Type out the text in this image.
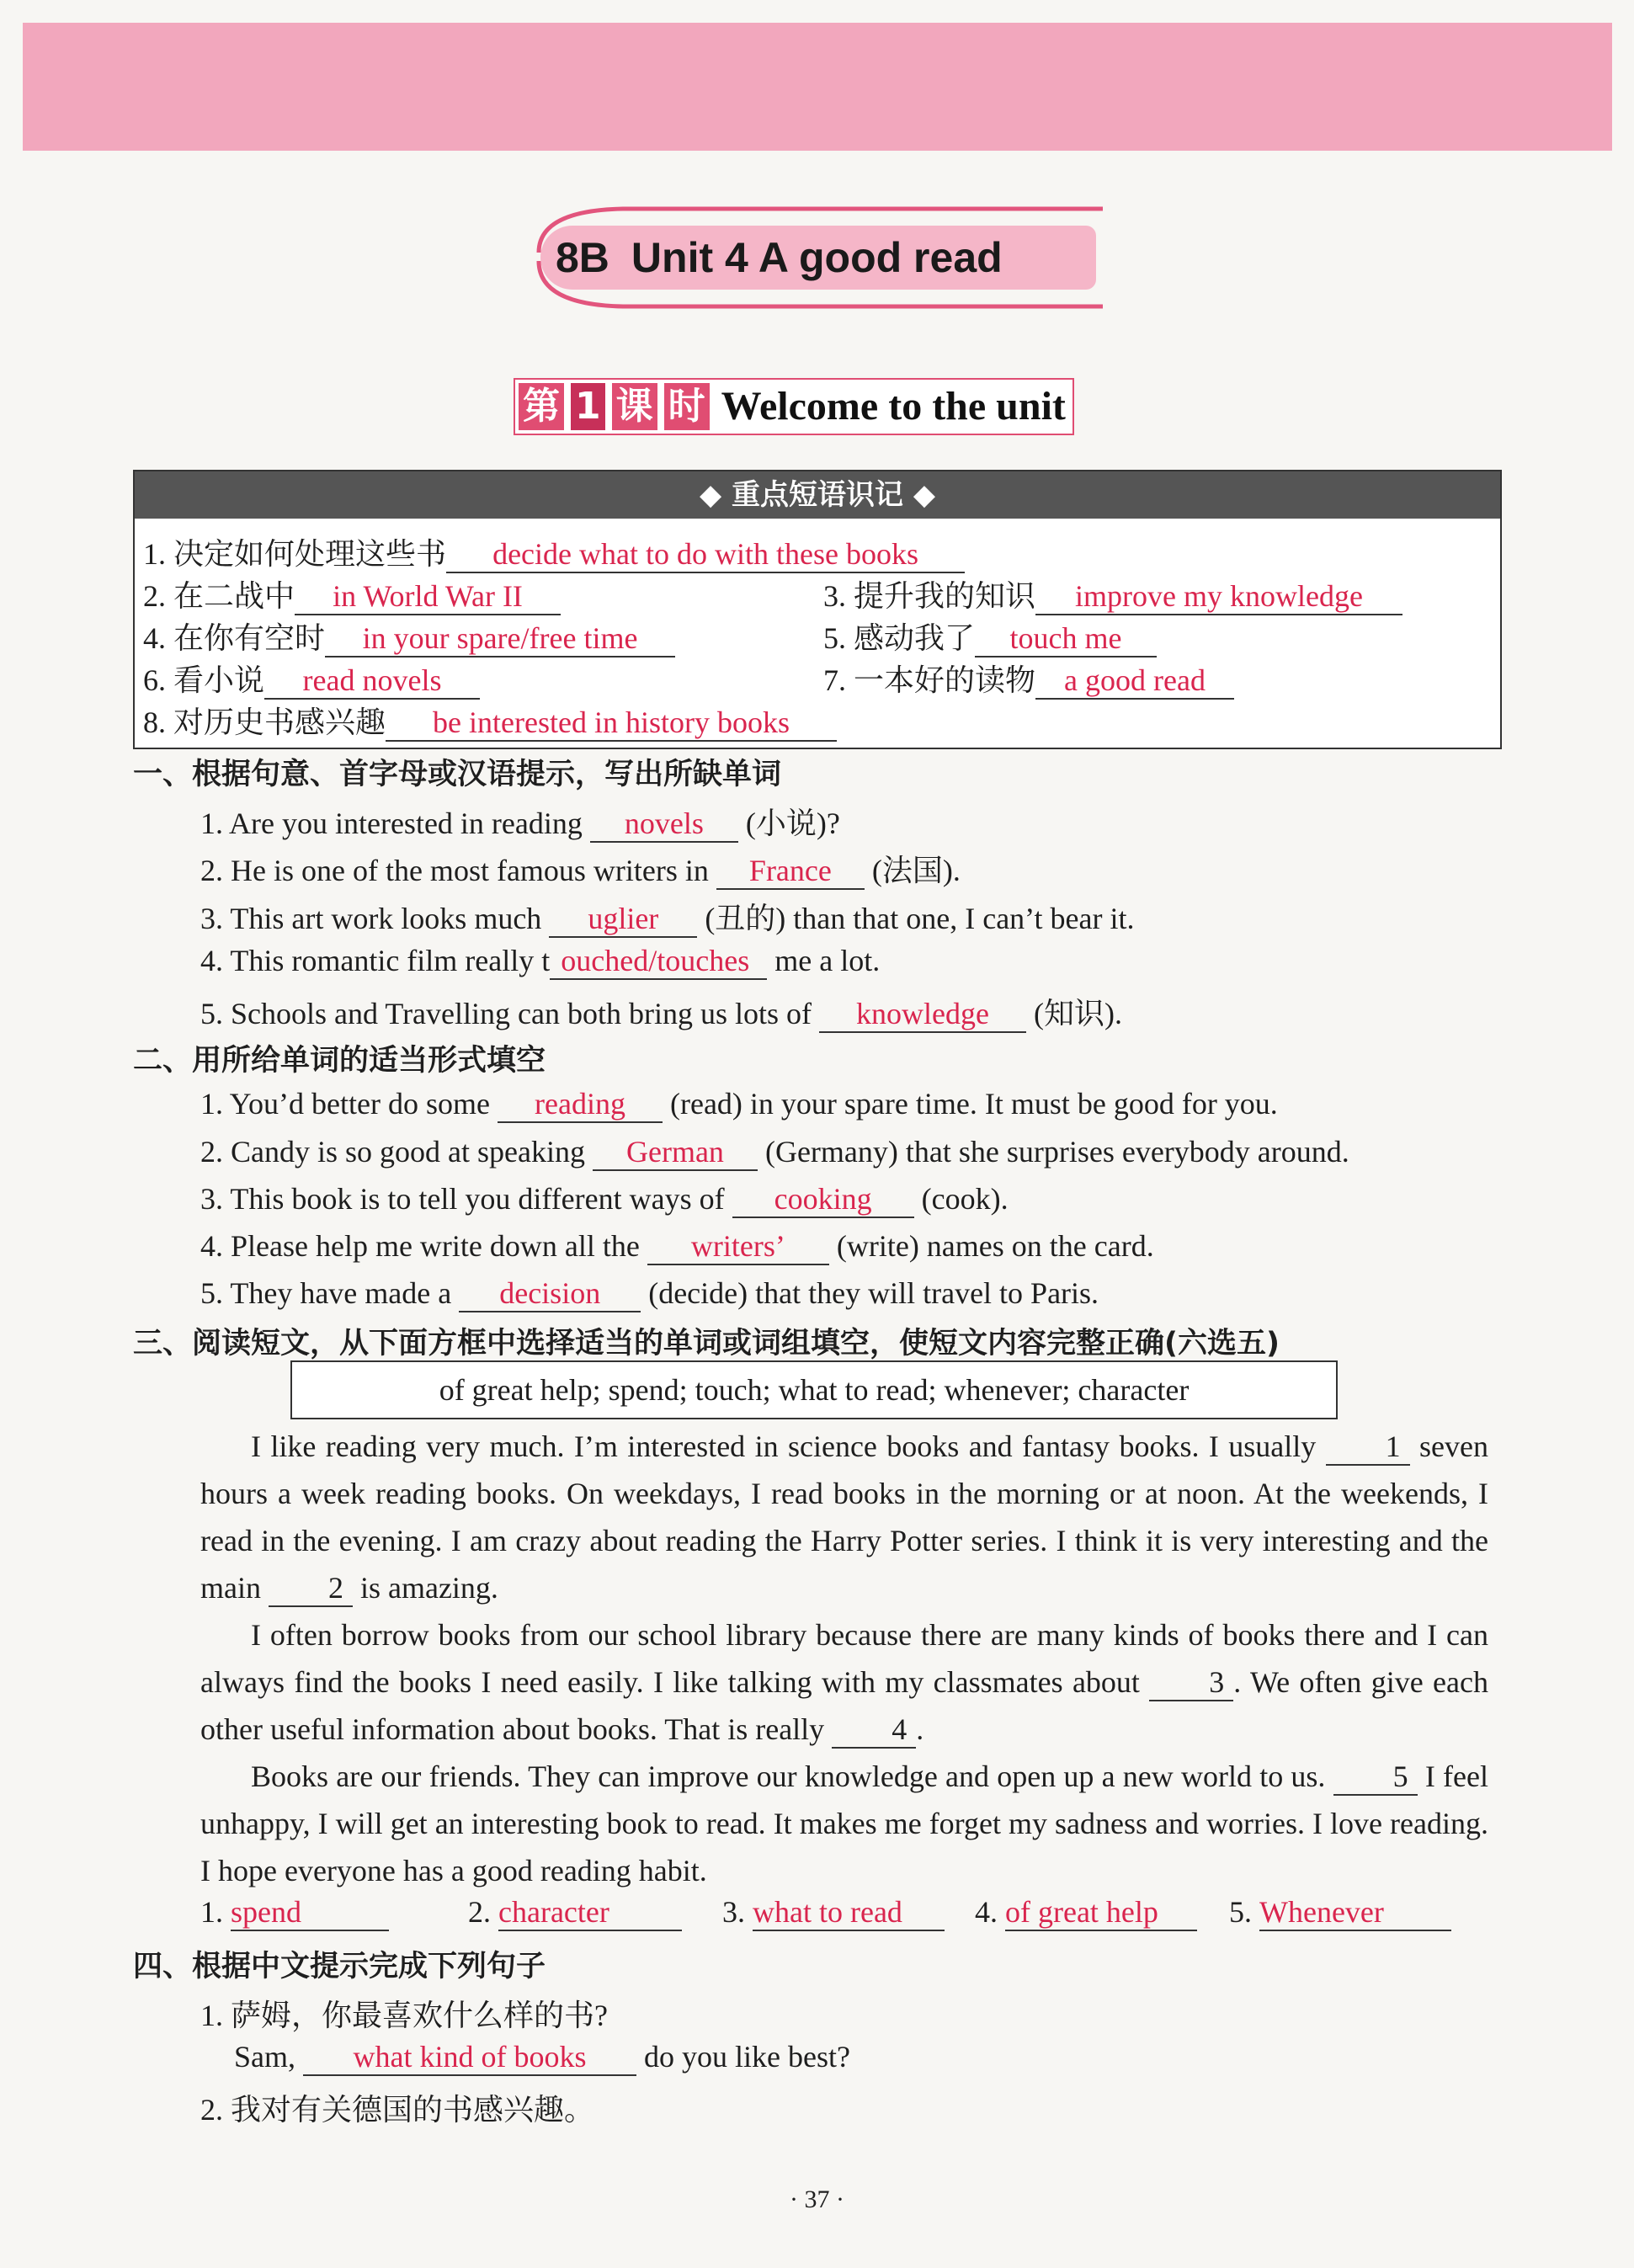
8B Unit 4 A good read
第 1 课 时 Welcome to the unit
◆ 重点短语识记 ◆
1. 决定如何处理这些书 decide what to do with these books
2. 在二战中 in World War II	3. 提升我的知识 improve my knowledge
4. 在你有空时 in your spare/free time	5. 感动我了 touch me
6. 看小说 read novels	7. 一本好的读物 a good read
8. 对历史书感兴趣 be interested in history books
一、根据句意、首字母或汉语提示，写出所缺单词
1. Are you interested in reading novels (小说)?
2. He is one of the most famous writers in France (法国).
3. This art work looks much uglier (丑的) than that one, I can’t bear it.
4. This romantic film really t ouched/touches me a lot.
5. Schools and Travelling can both bring us lots of knowledge (知识).
二、用所给单词的适当形式填空
1. You’d better do some reading (read) in your spare time. It must be good for you.
2. Candy is so good at speaking German (Germany) that she surprises everybody around.
3. This book is to tell you different ways of cooking (cook).
4. Please help me write down all the writers’ (write) names on the card.
5. They have made a decision (decide) that they will travel to Paris.
三、阅读短文，从下面方框中选择适当的单词或词组填空，使短文内容完整正确(六选五)
of great help; spend; touch; what to read; whenever; character
I like reading very much. I’m interested in science books and fantasy books. I usually 1 seven hours a week reading books. On weekdays, I read books in the morning or at noon. At the weekends, I read in the evening. I am crazy about reading the Harry Potter series. I think it is very interesting and the main 2 is amazing.
I often borrow books from our school library because there are many kinds of books there and I can always find the books I need easily. I like talking with my classmates about 3 . We often give each other useful information about books. That is really 4 .
Books are our friends. They can improve our knowledge and open up a new world to us. 5 I feel unhappy, I will get an interesting book to read. It makes me forget my sadness and worries. I love reading. I hope everyone has a good reading habit.
1. spend	2. character	3. what to read	4. of great help	5. Whenever
四、根据中文提示完成下列句子
1. 萨姆，你最喜欢什么样的书?
Sam, what kind of books do you like best?
2. 我对有关德国的书感兴趣。
· 37 ·
